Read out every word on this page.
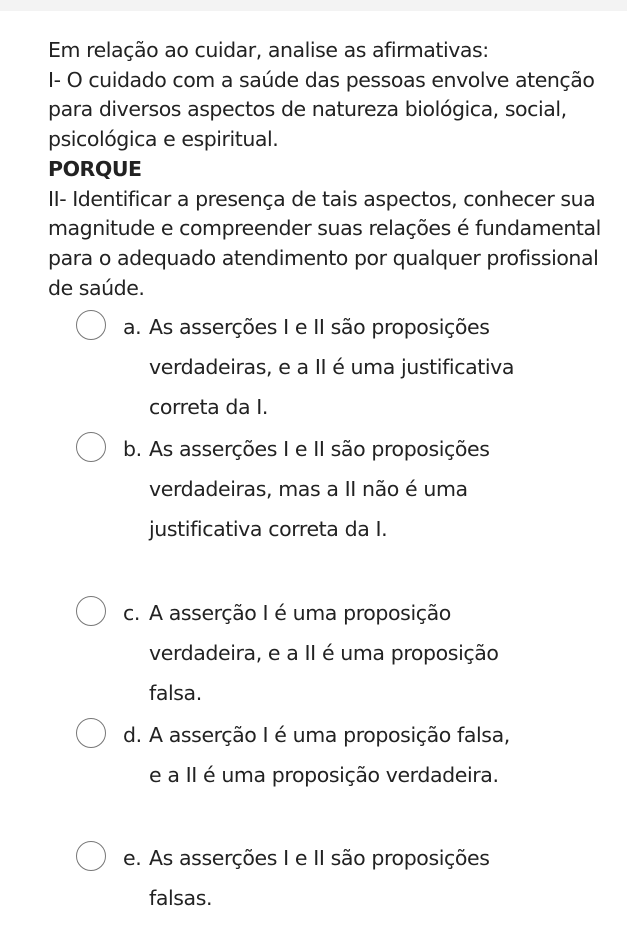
Em relação ao cuidar, analise as afirmativas:

I- O cuidado com a saúde das pessoas envolve atenção para diversos aspectos de natureza biológica, social, psicológica e espiritual.

PORQUE

II- Identificar a presença de tais aspectos, conhecer sua magnitude e compreender suas relações é fundamental para o adequado atendimento por qualquer profissional de saúde.

a. As asserções I e II são proposições verdadeiras, e a II é uma justificativa correta da I.
b. As asserções I e II são proposições verdadeiras, mas a II não é uma justificativa correta da I.
c. A asserção I é uma proposição verdadeira, e a II é uma proposição falsa.
d. A asserção I é uma proposição falsa, e a II é uma proposição verdadeira.
e. As asserções I e II são proposições falsas.
